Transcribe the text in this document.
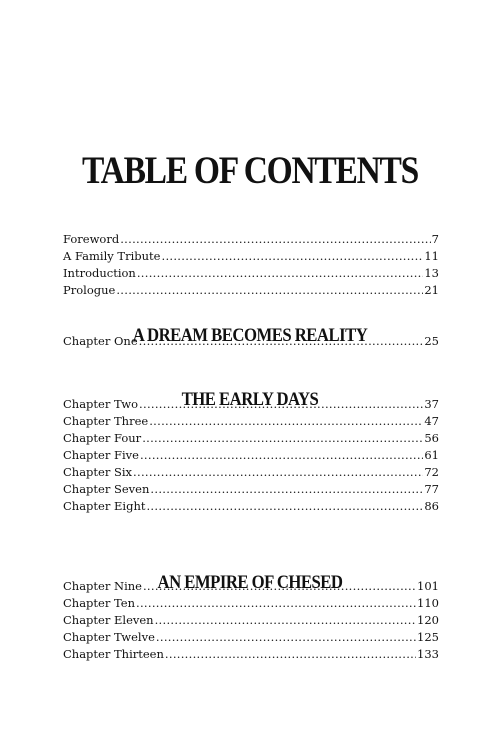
TABLE OF CONTENTS
Foreword .....	7
A Family Tribute .....	11
Introduction .....	13
Prologue .....	21
A DREAM BECOMES REALITY
Chapter One .....	25
THE EARLY DAYS
Chapter Two .....	37
Chapter Three .....	47
Chapter Four .....	56
Chapter Five .....	61
Chapter Six .....	72
Chapter Seven .....	77
Chapter Eight .....	86
AN EMPIRE OF CHESED
Chapter Nine .....	101
Chapter Ten .....	110
Chapter Eleven .....	120
Chapter Twelve .....	125
Chapter Thirteen .....	133
